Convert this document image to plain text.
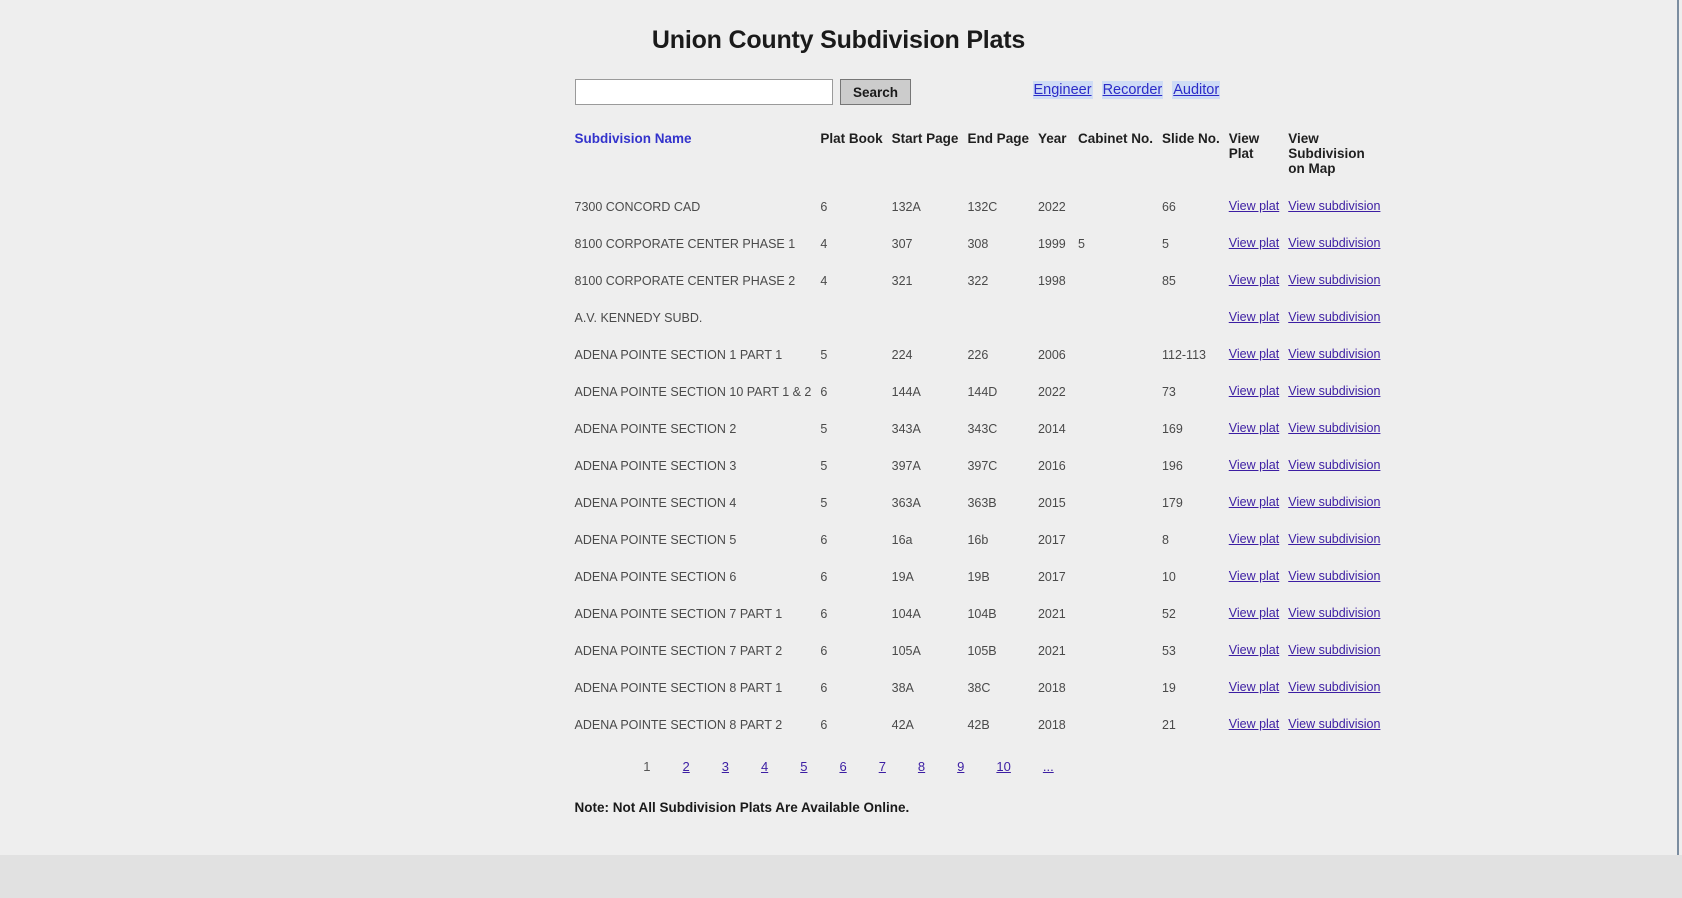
Union County Subdivision Plats
Search	Engineer Recorder Auditor
Subdivision Name	Plat Book	Start Page	End Page	Year	Cabinet No.	Slide No.	View Plat	View Subdivision on Map
7300 CONCORD CAD	6	132A	132C	2022		66	View plat	View subdivision
8100 CORPORATE CENTER PHASE 1	4	307	308	1999	5	5	View plat	View subdivision
8100 CORPORATE CENTER PHASE 2	4	321	322	1998		85	View plat	View subdivision
A.V. KENNEDY SUBD.							View plat	View subdivision
ADENA POINTE SECTION 1 PART 1	5	224	226	2006		112-113	View plat	View subdivision
ADENA POINTE SECTION 10 PART 1 & 2	6	144A	144D	2022		73	View plat	View subdivision
ADENA POINTE SECTION 2	5	343A	343C	2014		169	View plat	View subdivision
ADENA POINTE SECTION 3	5	397A	397C	2016		196	View plat	View subdivision
ADENA POINTE SECTION 4	5	363A	363B	2015		179	View plat	View subdivision
ADENA POINTE SECTION 5	6	16a	16b	2017		8	View plat	View subdivision
ADENA POINTE SECTION 6	6	19A	19B	2017		10	View plat	View subdivision
ADENA POINTE SECTION 7 PART 1	6	104A	104B	2021		52	View plat	View subdivision
ADENA POINTE SECTION 7 PART 2	6	105A	105B	2021		53	View plat	View subdivision
ADENA POINTE SECTION 8 PART 1	6	38A	38C	2018		19	View plat	View subdivision
ADENA POINTE SECTION 8 PART 2	6	42A	42B	2018		21	View plat	View subdivision
1 2 3 4 5 6 7 8 9 10 ...
Note: Not All Subdivision Plats Are Available Online.
